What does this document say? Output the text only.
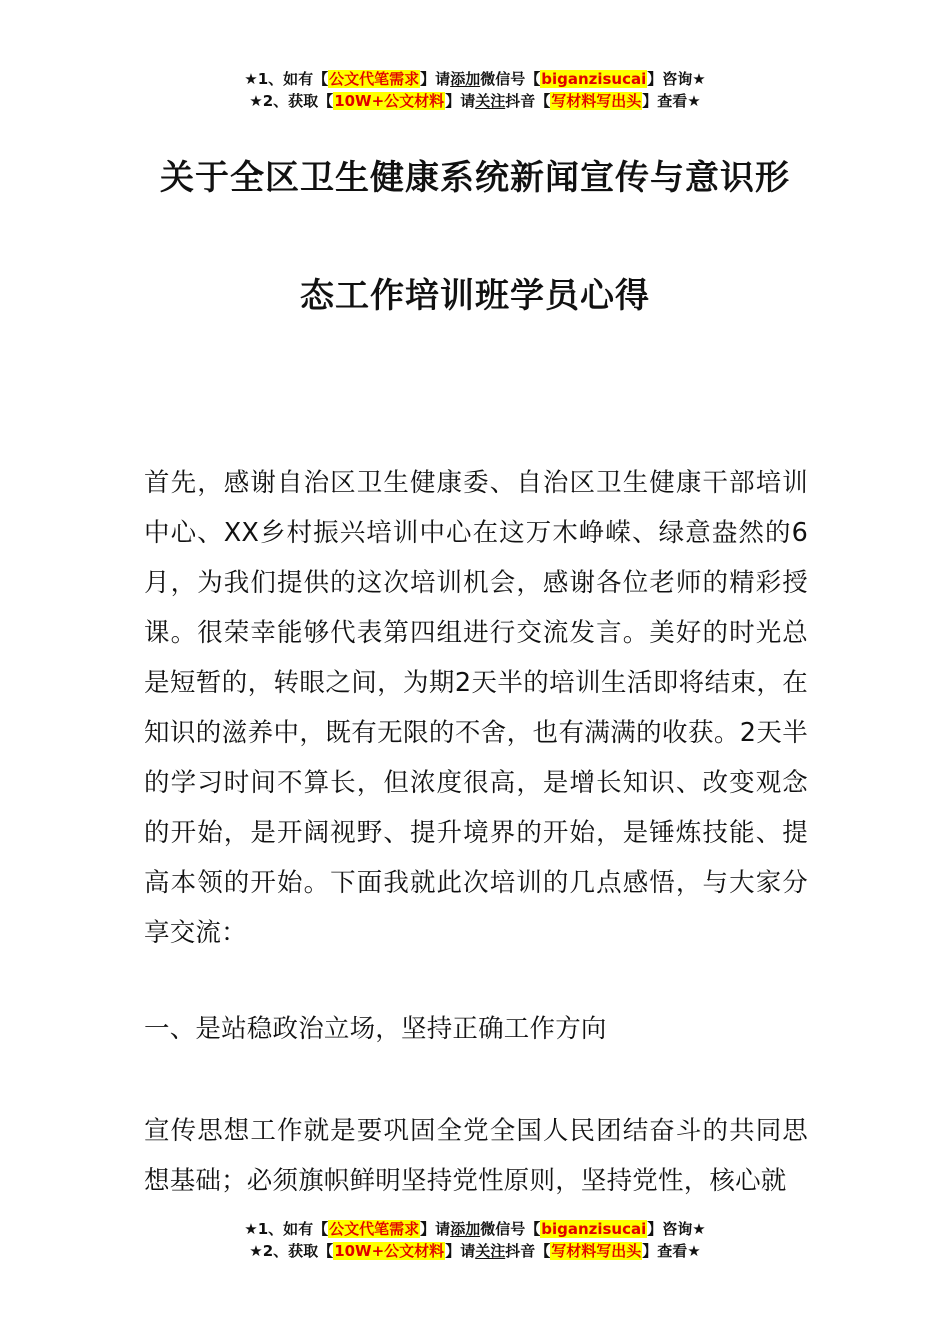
★1、如有【公文代笔需求】请添加微信号【biganzisucai】咨询★
★2、获取【10W+公文材料】请关注抖音【写材料写出头】查看★
关于全区卫生健康系统新闻宣传与意识形
态工作培训班学员心得

首先，感谢自治区卫生健康委、自治区卫生健康干部培训中心、XX乡村振兴培训中心在这万木峥嵘、绿意盎然的6月，为我们提供的这次培训机会，感谢各位老师的精彩授课。很荣幸能够代表第四组进行交流发言。美好的时光总是短暂的，转眼之间，为期2天半的培训生活即将结束，在知识的滋养中，既有无限的不舍，也有满满的收获。2天半的学习时间不算长，但浓度很高，是增长知识、改变观念的开始，是开阔视野、提升境界的开始，是锤炼技能、提高本领的开始。下面我就此次培训的几点感悟，与大家分享交流：

一、是站稳政治立场，坚持正确工作方向

宣传思想工作就是要巩固全党全国人民团结奋斗的共同思想基础；必须旗帜鲜明坚持党性原则，坚持党性，核心就

★1、如有【公文代笔需求】请添加微信号【biganzisucai】咨询★
★2、获取【10W+公文材料】请关注抖音【写材料写出头】查看★
